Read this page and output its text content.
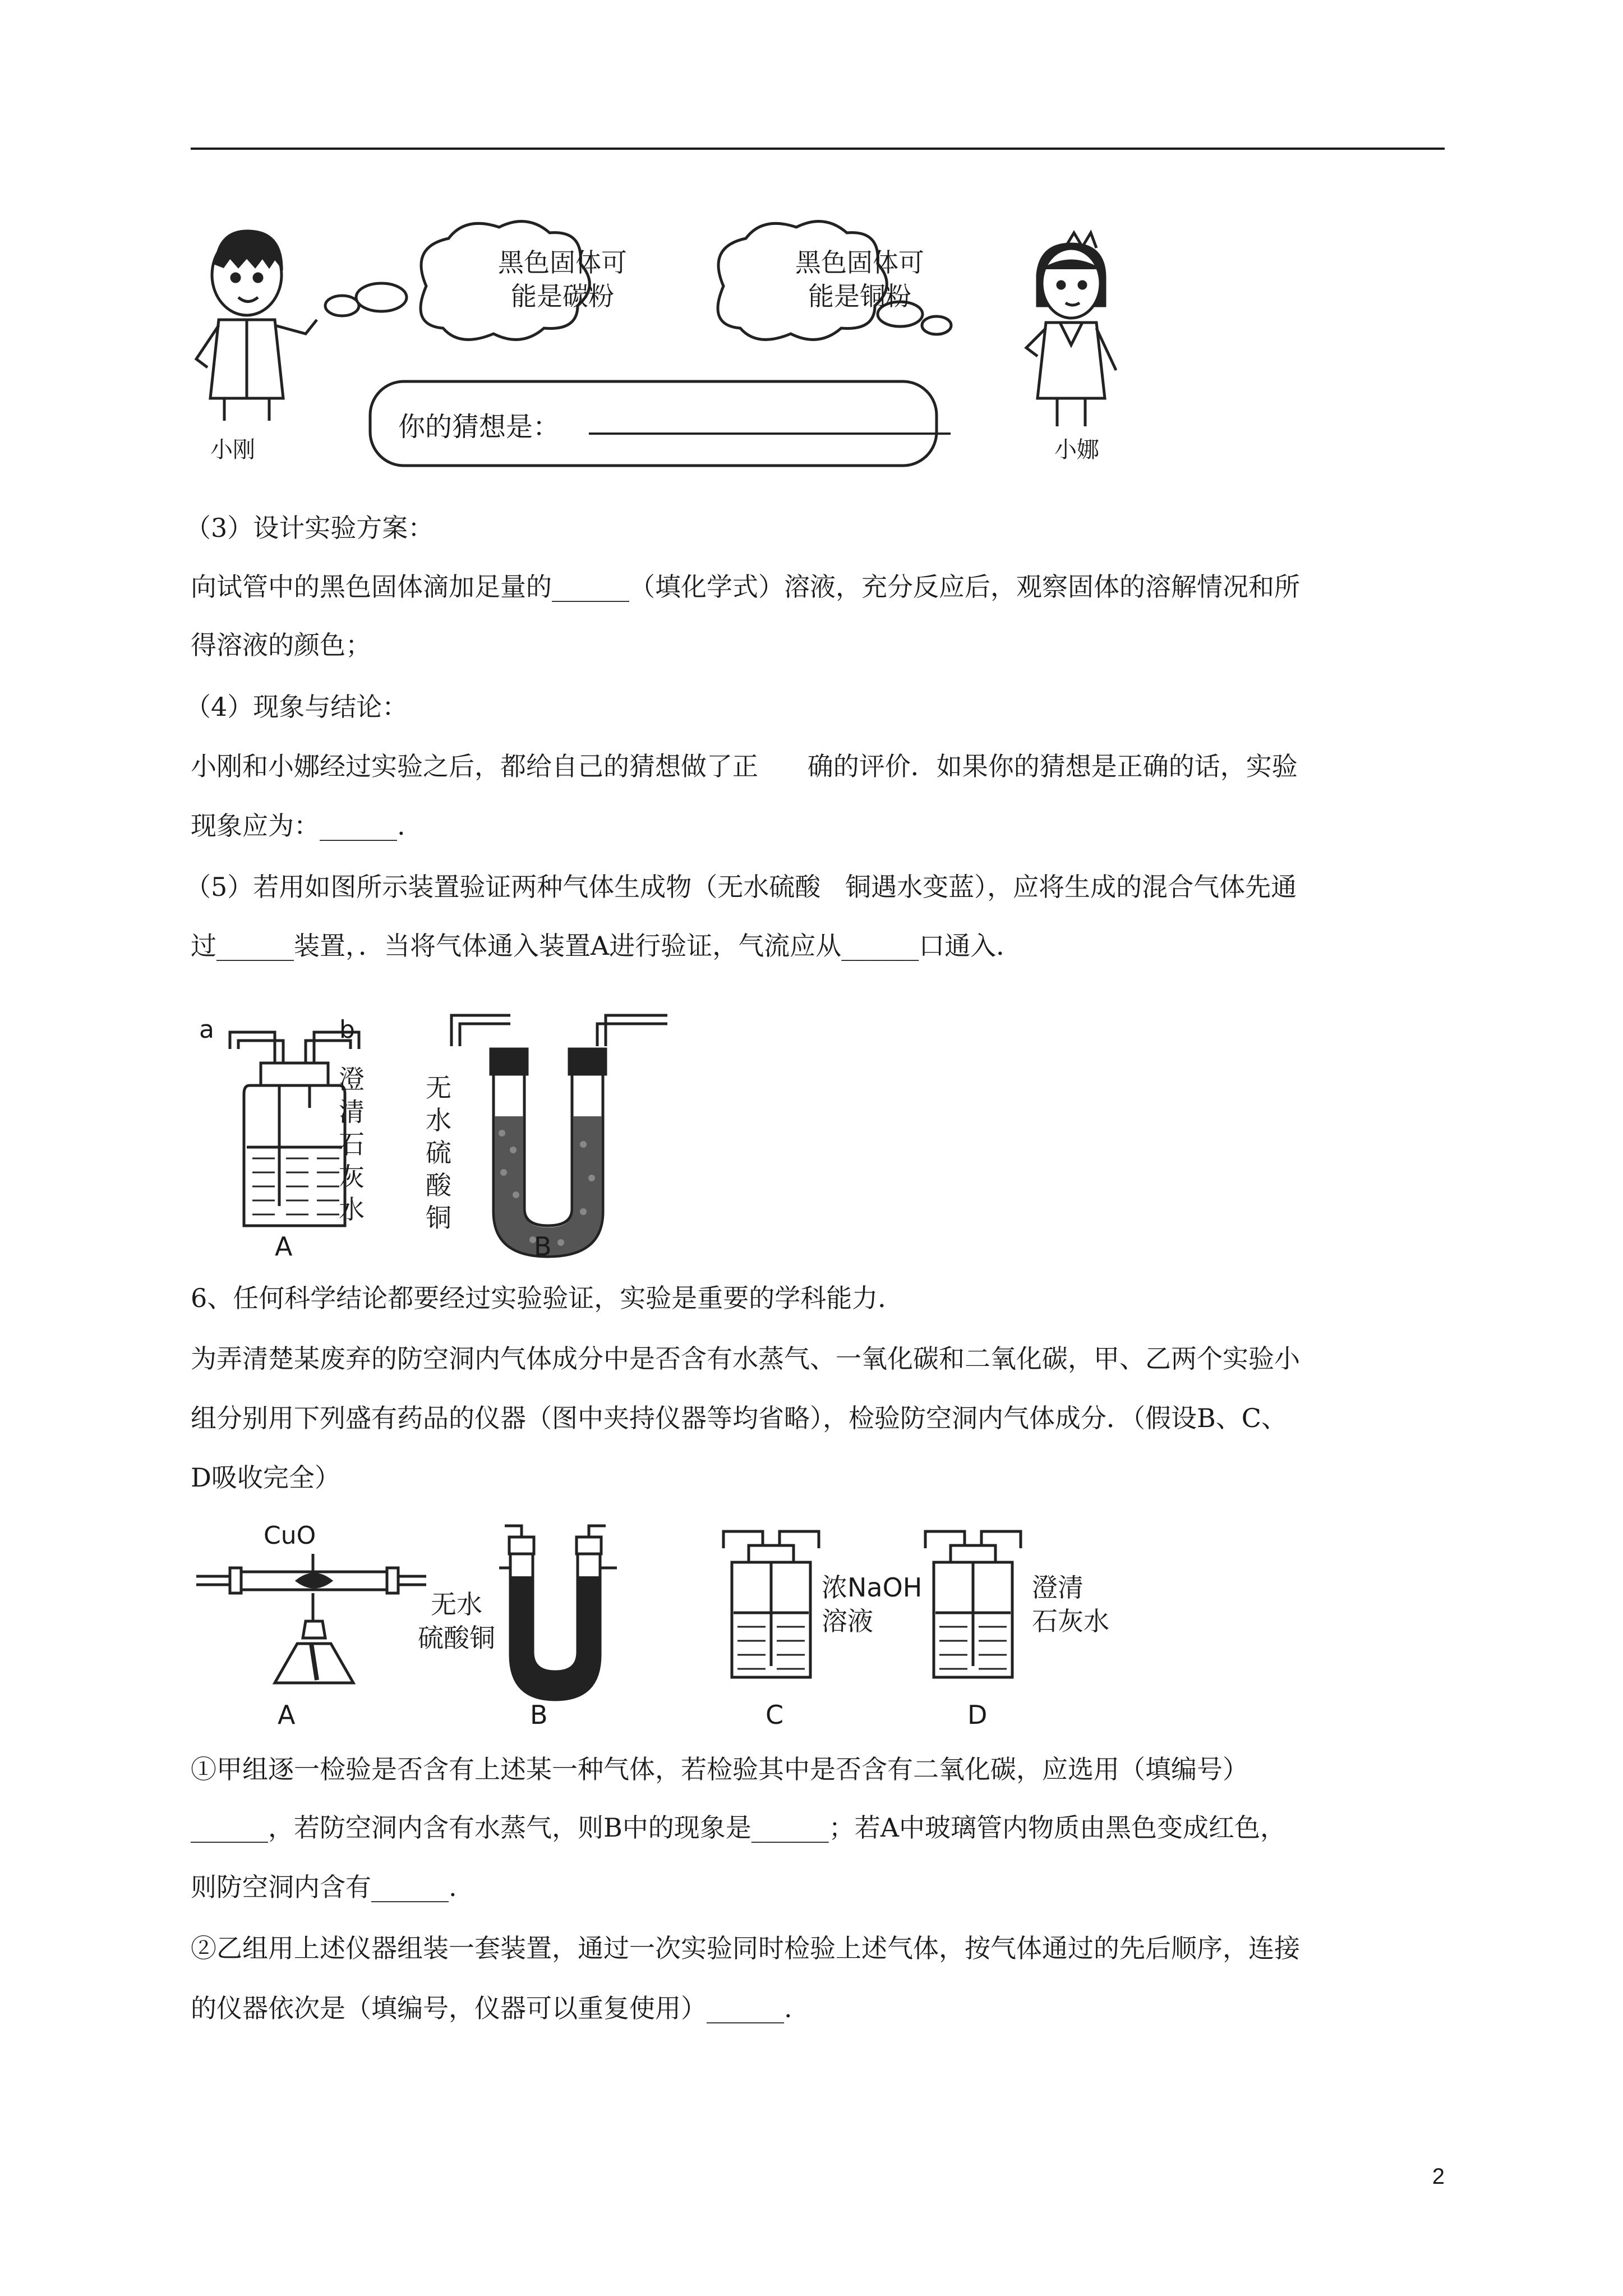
黑色固体可
能是碳粉
黑色固体可
能是铜粉
你的猜想是：
小刚	小娜
（3）设计实验方案：
向试管中的黑色固体滴加足量的______（填化学式）溶液，充分反应后，观察固体的溶解情况和所
得溶液的颜色；
（4）现象与结论：
小刚和小娜经过实验之后，都给自己的猜想做了正      确的评价．如果你的猜想是正确的话，实验
现象应为：______.
（5）若用如图所示装置验证两种气体生成物（无水硫酸   铜遇水变蓝），应将生成的混合气体先通
过______装置，．当将气体通入装置A进行验证，气流应从______口通入．
a	b
澄
清
石
灰
水
无
水
硫
酸
铜
A	B
6、任何科学结论都要经过实验验证，实验是重要的学科能力．
为弄清楚某废弃的防空洞内气体成分中是否含有水蒸气、一氧化碳和二氧化碳，甲、乙两个实验小
组分别用下列盛有药品的仪器（图中夹持仪器等均省略），检验防空洞内气体成分．（假设B、C、
D吸收完全）
CuO
无水
硫酸铜
浓NaOH
溶液
澄清
石灰水
A	B	C	D
①甲组逐一检验是否含有上述某一种气体，若检验其中是否含有二氧化碳，应选用（填编号）
______，若防空洞内含有水蒸气，则B中的现象是______；若A中玻璃管内物质由黑色变成红色，
则防空洞内含有______.
②乙组用上述仪器组装一套装置，通过一次实验同时检验上述气体，按气体通过的先后顺序，连接
的仪器依次是（填编号，仪器可以重复使用）______.
2
